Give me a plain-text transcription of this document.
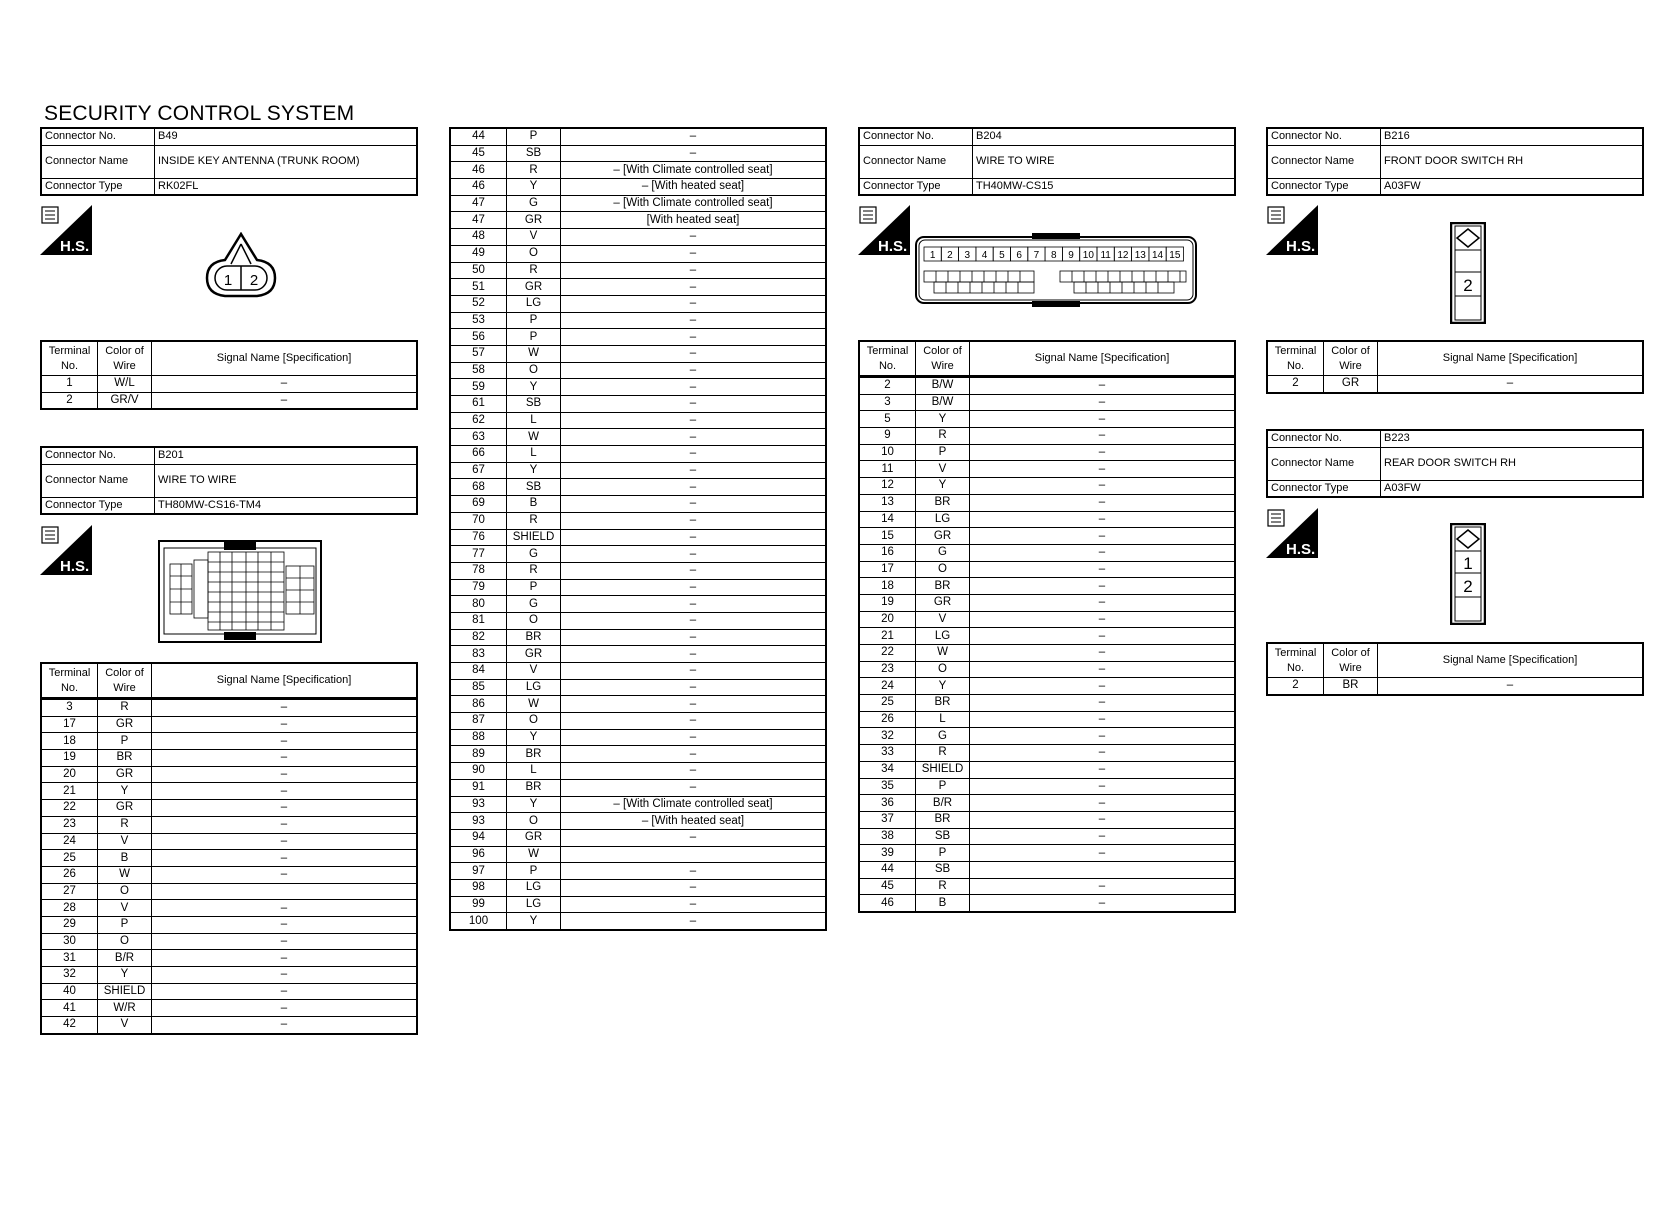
SECURITY CONTROL SYSTEM
Connector No.	B49
Connector Name	INSIDE KEY ANTENNA (TRUNK ROOM)
Connector Type	RK02FL
H.S.
1 2
Terminal No.	Color of Wire	Signal Name [Specification]
1	W/L	–
2	GR/V	–
Connector No.	B201
Connector Name	WIRE TO WIRE
Connector Type	TH80MW-CS16-TM4
H.S.
Terminal No.	Color of Wire	Signal Name [Specification]
3	R	–
17	GR	–
18	P	–
19	BR	–
20	GR	–
21	Y	–
22	GR	–
23	R	–
24	V	–
25	B	–
26	W	–
27	O	
28	V	–
29	P	–
30	O	–
31	B/R	–
32	Y	–
40	SHIELD	–
41	W/R	–
42	V	–
44	P	–
45	SB	–
46	R	– [With Climate controlled seat]
46	Y	– [With heated seat]
47	G	– [With Climate controlled seat]
47	GR	[With heated seat]
48	V	–
49	O	–
50	R	–
51	GR	–
52	LG	–
53	P	–
56	P	–
57	W	–
58	O	–
59	Y	–
61	SB	–
62	L	–
63	W	–
66	L	–
67	Y	–
68	SB	–
69	B	–
70	R	–
76	SHIELD	–
77	G	–
78	R	–
79	P	–
80	G	–
81	O	–
82	BR	–
83	GR	–
84	V	–
85	LG	–
86	W	–
87	O	–
88	Y	–
89	BR	–
90	L	–
91	BR	–
93	Y	– [With Climate controlled seat]
93	O	– [With heated seat]
94	GR	–
96	W	
97	P	–
98	LG	–
99	LG	–
100	Y	–
Connector No.	B204
Connector Name	WIRE TO WIRE
Connector Type	TH40MW-CS15
H.S.
1 2 3 4 5 6 7 8 9 10 11 12 13 14 15
Terminal No.	Color of Wire	Signal Name [Specification]
2	B/W	–
3	B/W	–
5	Y	–
9	R	–
10	P	–
11	V	–
12	Y	–
13	BR	–
14	LG	–
15	GR	–
16	G	–
17	O	–
18	BR	–
19	GR	–
20	V	–
21	LG	–
22	W	–
23	O	–
24	Y	–
25	BR	–
26	L	–
32	G	–
33	R	–
34	SHIELD	–
35	P	–
36	B/R	–
37	BR	–
38	SB	–
39	P	–
44	SB	
45	R	–
46	B	–
Connector No.	B216
Connector Name	FRONT DOOR SWITCH RH
Connector Type	A03FW
H.S.
2
Terminal No.	Color of Wire	Signal Name [Specification]
2	GR	–
Connector No.	B223
Connector Name	REAR DOOR SWITCH RH
Connector Type	A03FW
H.S.
1
2
Terminal No.	Color of Wire	Signal Name [Specification]
2	BR	–
